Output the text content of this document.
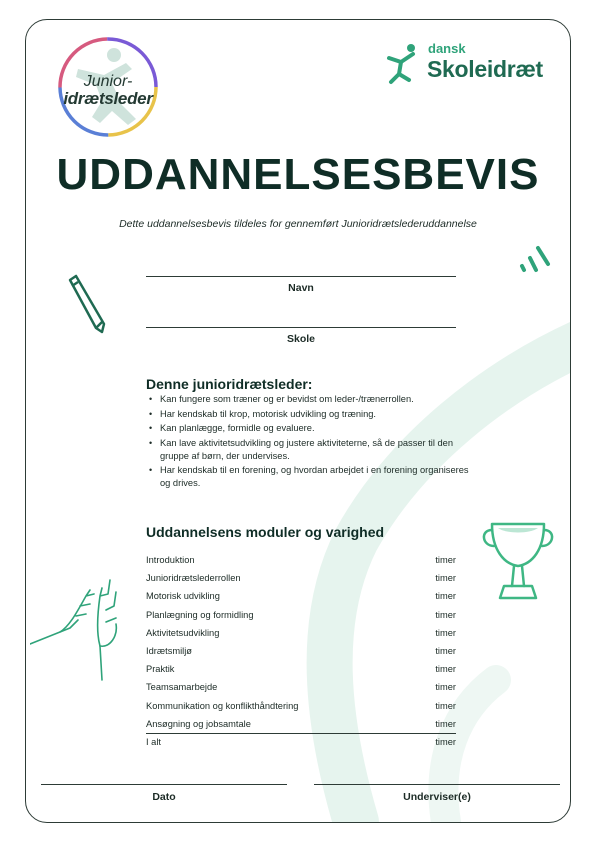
Junior-
idrætsleder
dansk
Skoleidræt
UDDANNELSESBEVIS
Dette uddannelsesbevis tildeles for gennemført Junioridrætslederuddannelse
Navn
Skole
Denne junioridrætsleder:
• Kan fungere som træner og er bevidst om leder-/trænerrollen.
• Har kendskab til krop, motorisk udvikling og træning.
• Kan planlægge, formidle og evaluere.
• Kan lave aktivitetsudvikling og justere aktiviteterne, så de passer til den gruppe af børn, der undervises.
• Har kendskab til en forening, og hvordan arbejdet i en forening organiseres og drives.
Uddannelsens moduler og varighed
Introduktion	timer
Junioridrætslederrollen	timer
Motorisk udvikling	timer
Planlægning og formidling	timer
Aktivitetsudvikling	timer
Idrætsmiljø	timer
Praktik	timer
Teamsamarbejde	timer
Kommunikation og konflikthåndtering	timer
Ansøgning og jobsamtale	timer
I alt	timer
Dato	Underviser(e)
